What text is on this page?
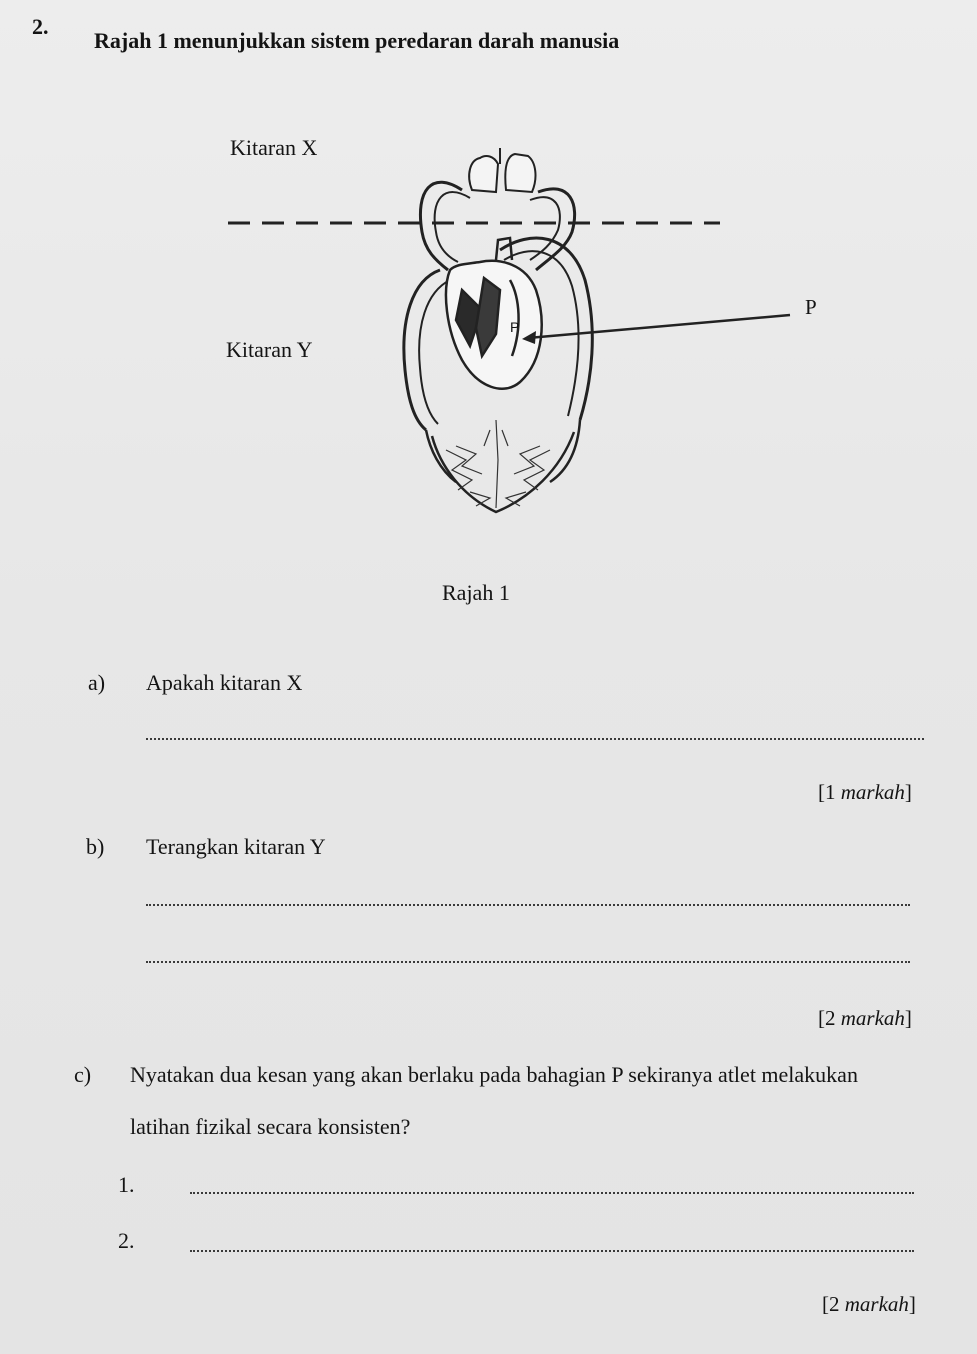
2.
Rajah 1 menunjukkan sistem peredaran darah manusia
Kitaran X
Kitaran Y
P
P
Rajah 1
a) Apakah kitaran X
[1 markah]
b) Terangkan kitaran Y
[2 markah]
c) Nyatakan dua kesan yang akan berlaku pada bahagian P sekiranya atlet melakukan
latihan fizikal secara konsisten?
1.
2.
[2 markah]
